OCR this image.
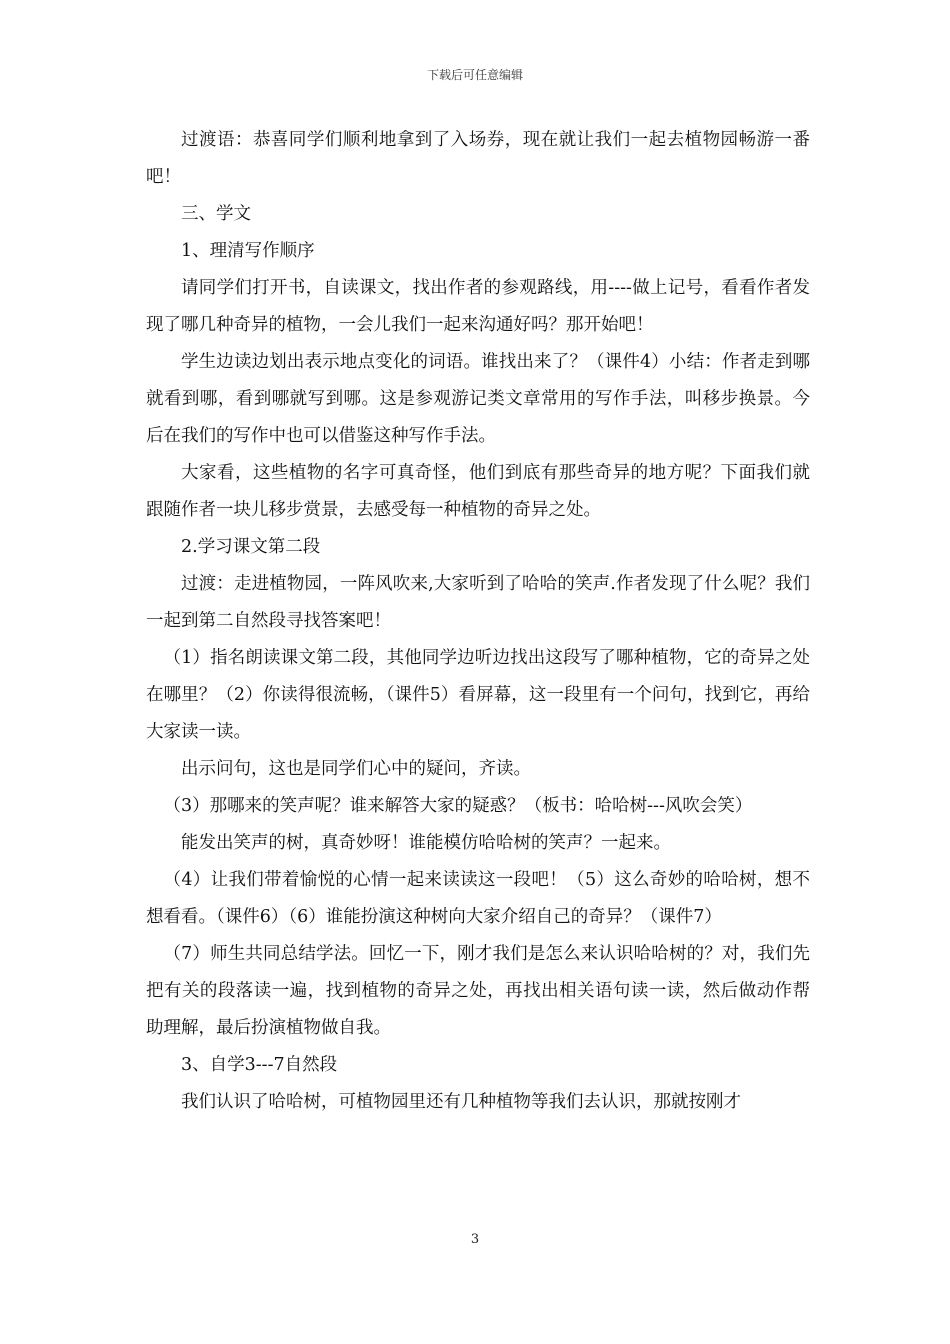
下载后可任意编辑

过渡语：恭喜同学们顺利地拿到了入场券，现在就让我们一起去植物园畅游一番吧！

三、学文

1、理清写作顺序

请同学们打开书，自读课文，找出作者的参观路线，用----做上记号，看看作者发现了哪几种奇异的植物，一会儿我们一起来沟通好吗？那开始吧！

学生边读边划出表示地点变化的词语。谁找出来了？（课件4）小结：作者走到哪就看到哪，看到哪就写到哪。这是参观游记类文章常用的写作手法，叫移步换景。今后在我们的写作中也可以借鉴这种写作手法。

大家看，这些植物的名字可真奇怪，他们到底有那些奇异的地方呢？下面我们就跟随作者一块儿移步赏景，去感受每一种植物的奇异之处。

2.学习课文第二段

过渡：走进植物园，一阵风吹来,大家听到了哈哈的笑声.作者发现了什么呢？我们一起到第二自然段寻找答案吧！

（1）指名朗读课文第二段，其他同学边听边找出这段写了哪种植物，它的奇异之处在哪里？（2）你读得很流畅，（课件5）看屏幕，这一段里有一个问句，找到它，再给大家读一读。

出示问句，这也是同学们心中的疑问，齐读。

（3）那哪来的笑声呢？谁来解答大家的疑惑？（板书：哈哈树---风吹会笑）

能发出笑声的树，真奇妙呀！谁能模仿哈哈树的笑声？一起来。

（4）让我们带着愉悦的心情一起来读读这一段吧！（5）这么奇妙的哈哈树，想不想看看。（课件6）（6）谁能扮演这种树向大家介绍自己的奇异？（课件7）

（7）师生共同总结学法。回忆一下，刚才我们是怎么来认识哈哈树的？对，我们先把有关的段落读一遍，找到植物的奇异之处，再找出相关语句读一读，然后做动作帮助理解，最后扮演植物做自我。

3、自学3---7自然段

我们认识了哈哈树，可植物园里还有几种植物等我们去认识，那就按刚才

3
